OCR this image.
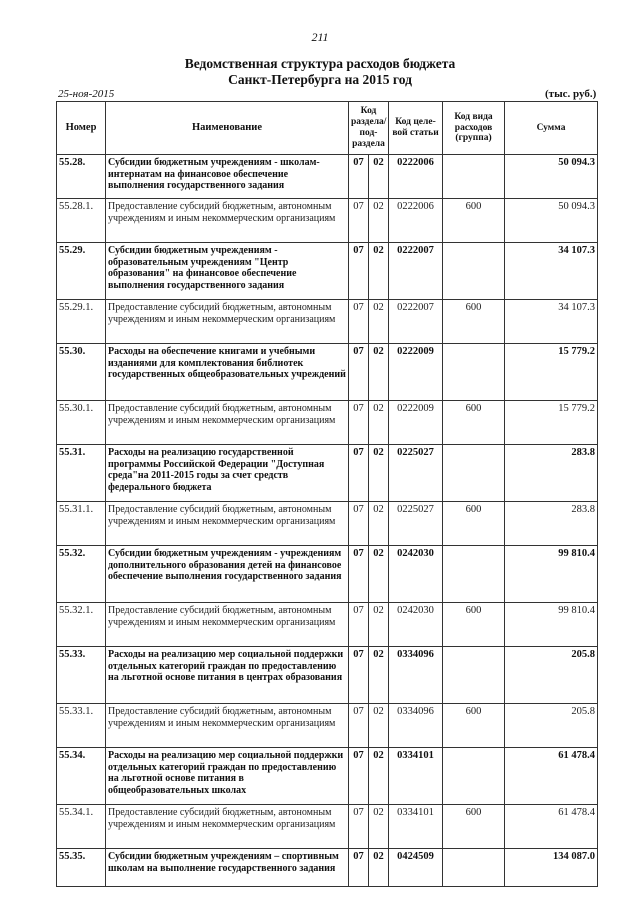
211
Ведомственная структура расходов бюджета
Санкт-Петербурга на 2015 год
25-ноя-2015	(тыс. руб.)
Номер	Наименование	Код раздела/ под-раздела		Код целе-вой статьи	Код вида расходов (группа)	Сумма
55.28.	Субсидии бюджетным учреждениям - школам-интернатам на финансовое обеспечение выполнения государственного задания	07	02	0222006		50 094.3
55.28.1.	Предоставление субсидий бюджетным, автономным учреждениям и иным некоммерческим организациям	07	02	0222006	600	50 094.3
55.29.	Субсидии бюджетным учреждениям - образовательным учреждениям "Центр образования" на финансовое обеспечение выполнения государственного задания	07	02	0222007		34 107.3
55.29.1.	Предоставление субсидий бюджетным, автономным учреждениям и иным некоммерческим организациям	07	02	0222007	600	34 107.3
55.30.	Расходы на обеспечение книгами и учебными изданиями для комплектования библиотек государственных общеобразовательных учреждений	07	02	0222009		15 779.2
55.30.1.	Предоставление субсидий бюджетным, автономным учреждениям и иным некоммерческим организациям	07	02	0222009	600	15 779.2
55.31.	Расходы на реализацию государственной программы Российской Федерации "Доступная среда"на 2011-2015 годы за счет средств федерального бюджета	07	02	0225027		283.8
55.31.1.	Предоставление субсидий бюджетным, автономным учреждениям и иным некоммерческим организациям	07	02	0225027	600	283.8
55.32.	Субсидии бюджетным учреждениям - учреждениям дополнительного образования детей на финансовое обеспечение выполнения государственного задания	07	02	0242030		99 810.4
55.32.1.	Предоставление субсидий бюджетным, автономным учреждениям и иным некоммерческим организациям	07	02	0242030	600	99 810.4
55.33.	Расходы на реализацию мер социальной поддержки отдельных категорий граждан по предоставлению на льготной основе питания в центрах образования	07	02	0334096		205.8
55.33.1.	Предоставление субсидий бюджетным, автономным учреждениям и иным некоммерческим организациям	07	02	0334096	600	205.8
55.34.	Расходы на реализацию мер социальной поддержки отдельных категорий граждан по предоставлению на льготной основе питания в общеобразовательных школах	07	02	0334101		61 478.4
55.34.1.	Предоставление субсидий бюджетным, автономным учреждениям и иным некоммерческим организациям	07	02	0334101	600	61 478.4
55.35.	Субсидии бюджетным учреждениям – спортивным школам на выполнение государственного задания	07	02	0424509		134 087.0
